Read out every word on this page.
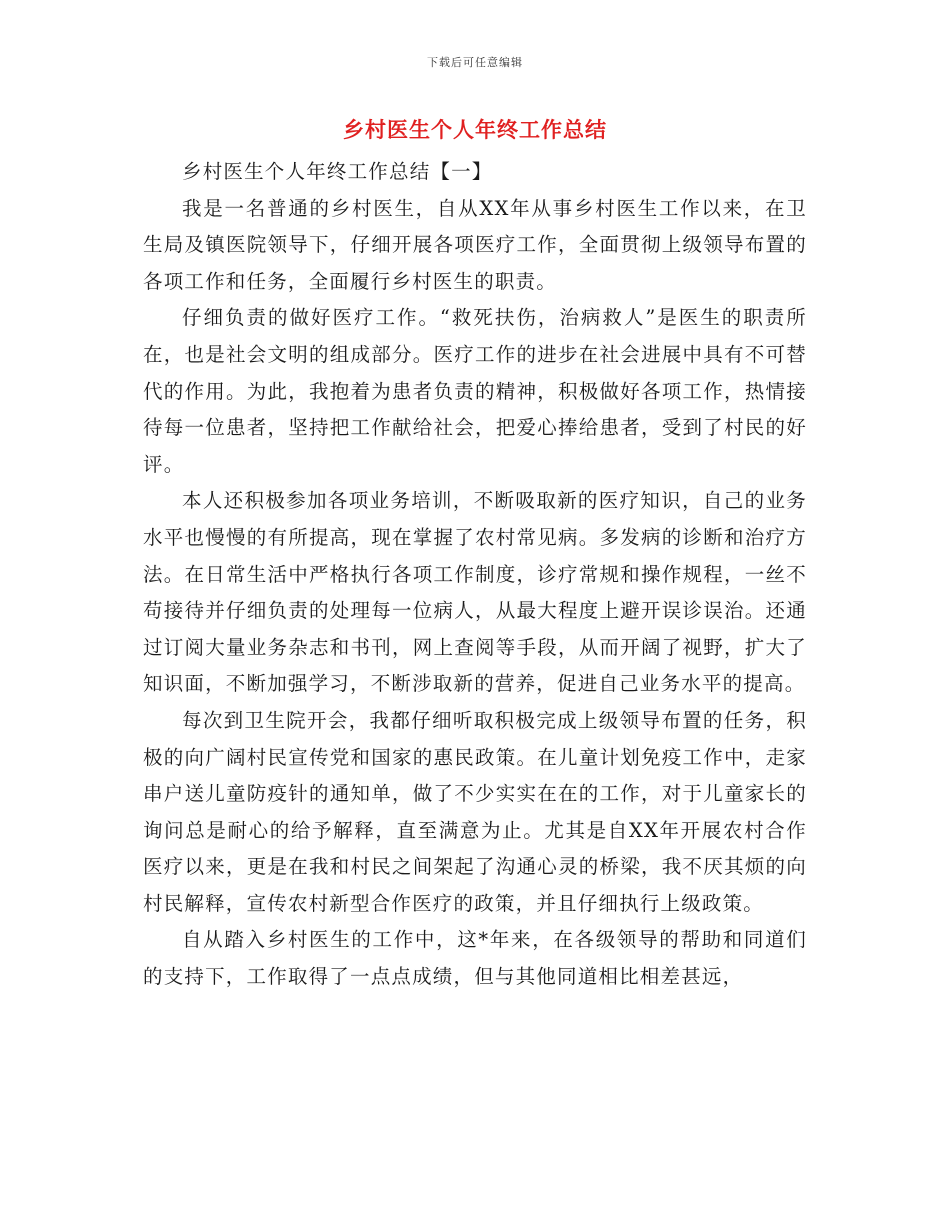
下载后可任意编辑
乡村医生个人年终工作总结

乡村医生个人年终工作总结【一】

我是一名普通的乡村医生，自从XX年从事乡村医生工作以来，在卫生局及镇医院领导下，仔细开展各项医疗工作，全面贯彻上级领导布置的各项工作和任务，全面履行乡村医生的职责。

仔细负责的做好医疗工作。“救死扶伤，治病救人”是医生的职责所在，也是社会文明的组成部分。医疗工作的进步在社会进展中具有不可替代的作用。为此，我抱着为患者负责的精神，积极做好各项工作，热情接待每一位患者，坚持把工作献给社会，把爱心捧给患者，受到了村民的好评。

本人还积极参加各项业务培训，不断吸取新的医疗知识，自己的业务水平也慢慢的有所提高，现在掌握了农村常见病。多发病的诊断和治疗方法。在日常生活中严格执行各项工作制度，诊疗常规和操作规程，一丝不苟接待并仔细负责的处理每一位病人，从最大程度上避开误诊误治。还通过订阅大量业务杂志和书刊，网上查阅等手段，从而开阔了视野，扩大了知识面，不断加强学习，不断涉取新的营养，促进自己业务水平的提高。

每次到卫生院开会，我都仔细听取积极完成上级领导布置的任务，积极的向广阔村民宣传党和国家的惠民政策。在儿童计划免疫工作中，走家串户送儿童防疫针的通知单，做了不少实实在在的工作，对于儿童家长的询问总是耐心的给予解释，直至满意为止。尤其是自XX年开展农村合作医疗以来，更是在我和村民之间架起了沟通心灵的桥梁，我不厌其烦的向村民解释，宣传农村新型合作医疗的政策，并且仔细执行上级政策。

自从踏入乡村医生的工作中，这*年来，在各级领导的帮助和同道们的支持下，工作取得了一点点成绩，但与其他同道相比相差甚远，
